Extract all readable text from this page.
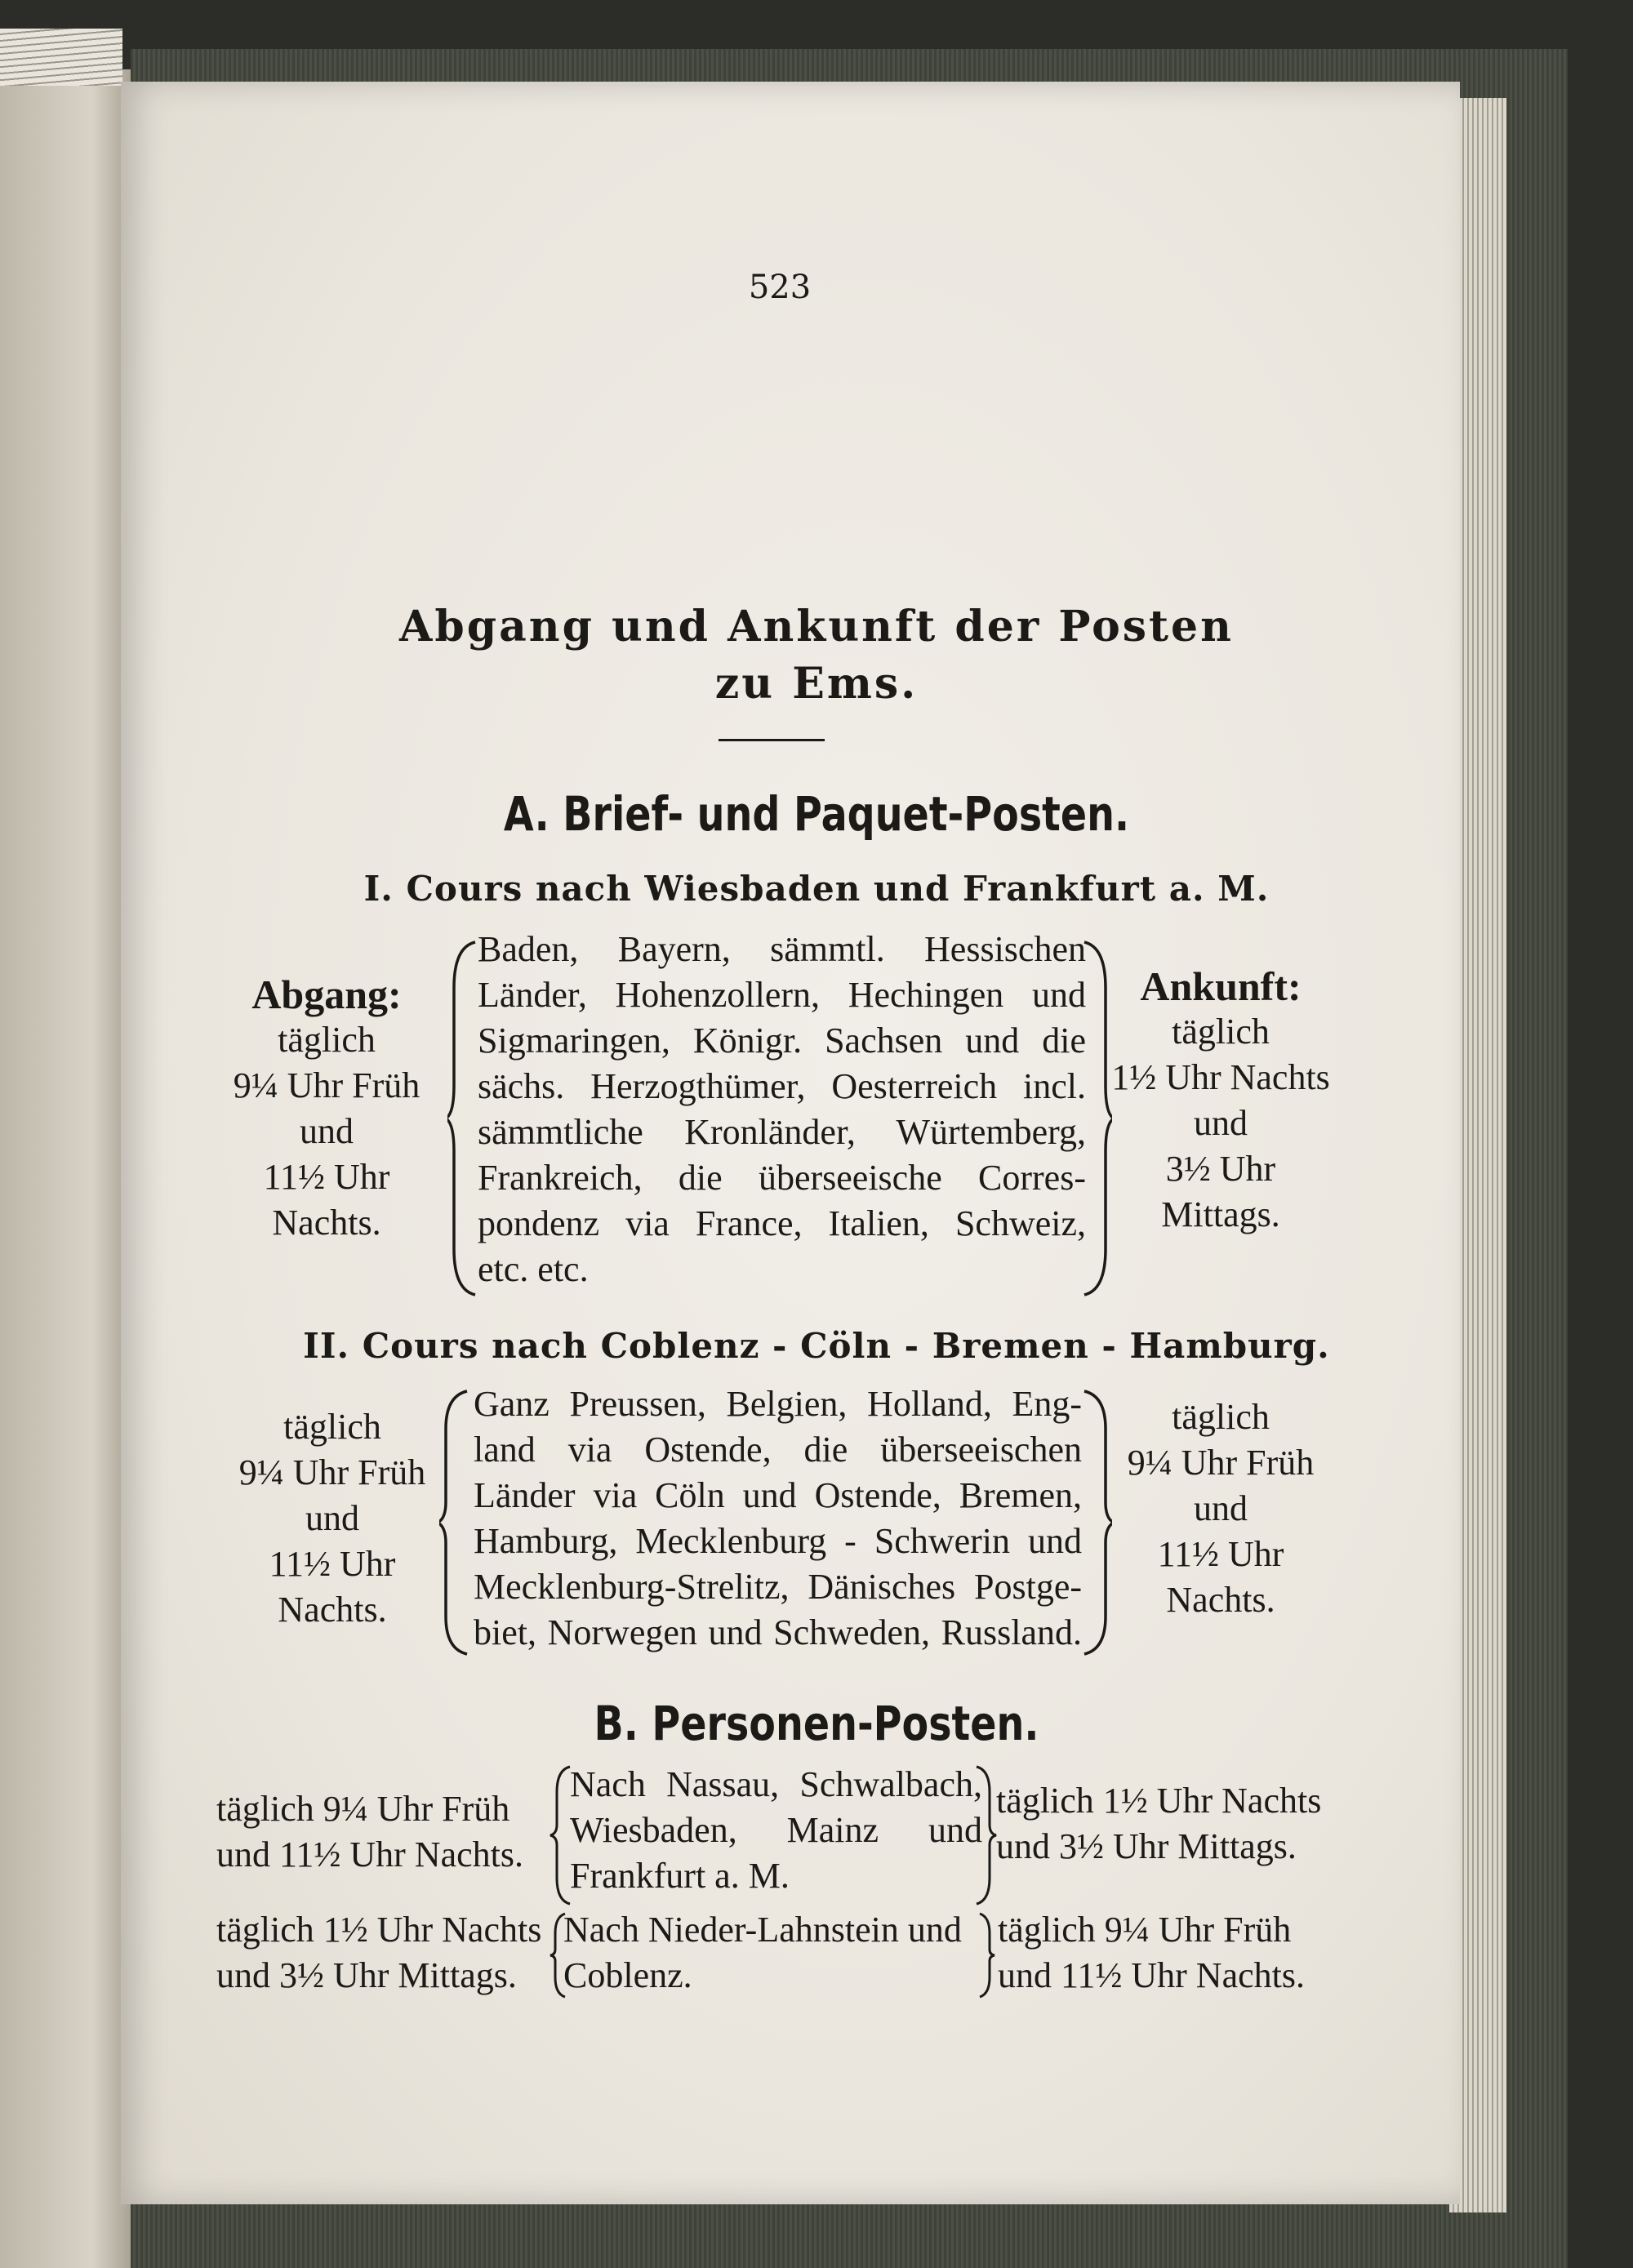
523
Abgang und Ankunft der Posten
zu Ems.
A. Brief- und Paquet-Posten.
I. Cours nach Wiesbaden und Frankfurt a. M.
Abgang:
täglich
9¼ Uhr Früh
und
11½ Uhr
Nachts.
Baden, Bayern, sämmtl. Hessischen
Länder, Hohenzollern, Hechingen und
Sigmaringen, Königr. Sachsen und die
sächs. Herzogthümer, Oesterreich incl.
sämmtliche Kronländer, Würtemberg,
Frankreich, die überseeische Corres-
pondenz via France, Italien, Schweiz,
etc. etc.
Ankunft:
täglich
1½ Uhr Nachts
und
3½ Uhr
Mittags.
II. Cours nach Coblenz - Cöln - Bremen - Hamburg.
täglich
9¼ Uhr Früh
und
11½ Uhr
Nachts.
Ganz Preussen, Belgien, Holland, Eng-
land via Ostende, die überseeischen
Länder via Cöln und Ostende, Bremen,
Hamburg, Mecklenburg - Schwerin und
Mecklenburg-Strelitz, Dänisches Postge-
biet, Norwegen und Schweden, Russland.
täglich
9¼ Uhr Früh
und
11½ Uhr
Nachts.
B. Personen-Posten.
täglich 9¼ Uhr Früh
und 11½ Uhr Nachts.
Nach Nassau, Schwalbach,
Wiesbaden, Mainz und
Frankfurt a. M.
täglich 1½ Uhr Nachts
und 3½ Uhr Mittags.
täglich 1½ Uhr Nachts
und 3½ Uhr Mittags.
Nach Nieder-Lahnstein und
Coblenz.
täglich 9¼ Uhr Früh
und 11½ Uhr Nachts.
